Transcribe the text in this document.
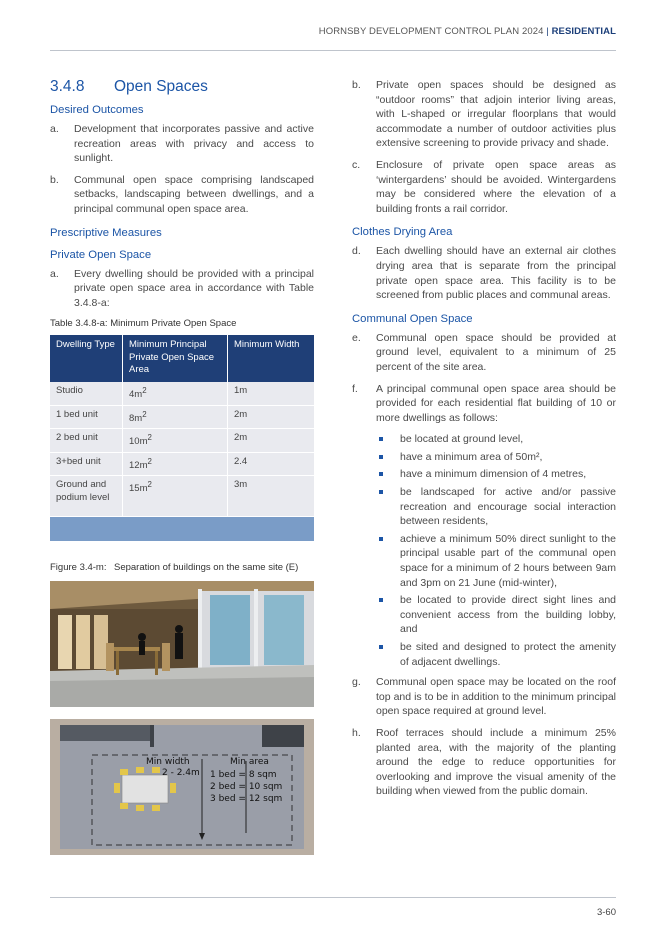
HORNSBY DEVELOPMENT CONTROL PLAN 2024 | RESIDENTIAL
3.4.8 Open Spaces
Desired Outcomes
a. Development that incorporates passive and active recreation areas with privacy and access to sunlight.
b. Communal open space comprising landscaped setbacks, landscaping between dwellings, and a principal communal open space area.
Prescriptive Measures
Private Open Space
a. Every dwelling should be provided with a principal private open space area in accordance with Table 3.4.8-a:
Table 3.4.8-a: Minimum Private Open Space
Dwelling Type	Minimum Principal Private Open Space Area	Minimum Width
Studio	$4m^2$	1m
1 bed unit	$8m^2$	2m
2 bed unit	$10m^2$	2m
3+bed unit	$12m^2$	2.4
Ground and podium level	$15m^2$	3m

Figure 3.4-m: Separation of buildings on the same site (E)
Min width
2 - 2.4m
Min area
1 bed = 8 sqm
2 bed = 10 sqm
3 bed = 12 sqm
b. Private open spaces should be designed as “outdoor rooms” that adjoin interior living areas, with L-shaped or irregular floorplans that would accommodate a number of outdoor activities plus extensive screening to provide privacy and shade.
c. Enclosure of private open space areas as ‘wintergardens’ should be avoided. Wintergardens may be considered where the elevation of a building fronts a rail corridor.
Clothes Drying Area
d. Each dwelling should have an external air clothes drying area that is separate from the principal private open space area. This facility is to be screened from public places and communal areas.
Communal Open Space
e. Communal open space should be provided at ground level, equivalent to a minimum of 25 percent of the site area.
f. A principal communal open space area should be provided for each residential flat building of 10 or more dwellings as follows:
be located at ground level,
have a minimum area of 50m²,
have a minimum dimension of 4 metres,
be landscaped for active and/or passive recreation and encourage social interaction between residents,
achieve a minimum 50% direct sunlight to the principal usable part of the communal open space for a minimum of 2 hours between 9am and 3pm on 21 June (mid-winter),
be located to provide direct sight lines and convenient access from the building lobby, and
be sited and designed to protect the amenity of adjacent dwellings.
g. Communal open space may be located on the roof top and is to be in addition to the minimum principal open space required at ground level.
h. Roof terraces should include a minimum 25% planted area, with the majority of the planting around the edge to reduce opportunities for overlooking and improve the visual amenity of the building when viewed from the public domain.
3-60
